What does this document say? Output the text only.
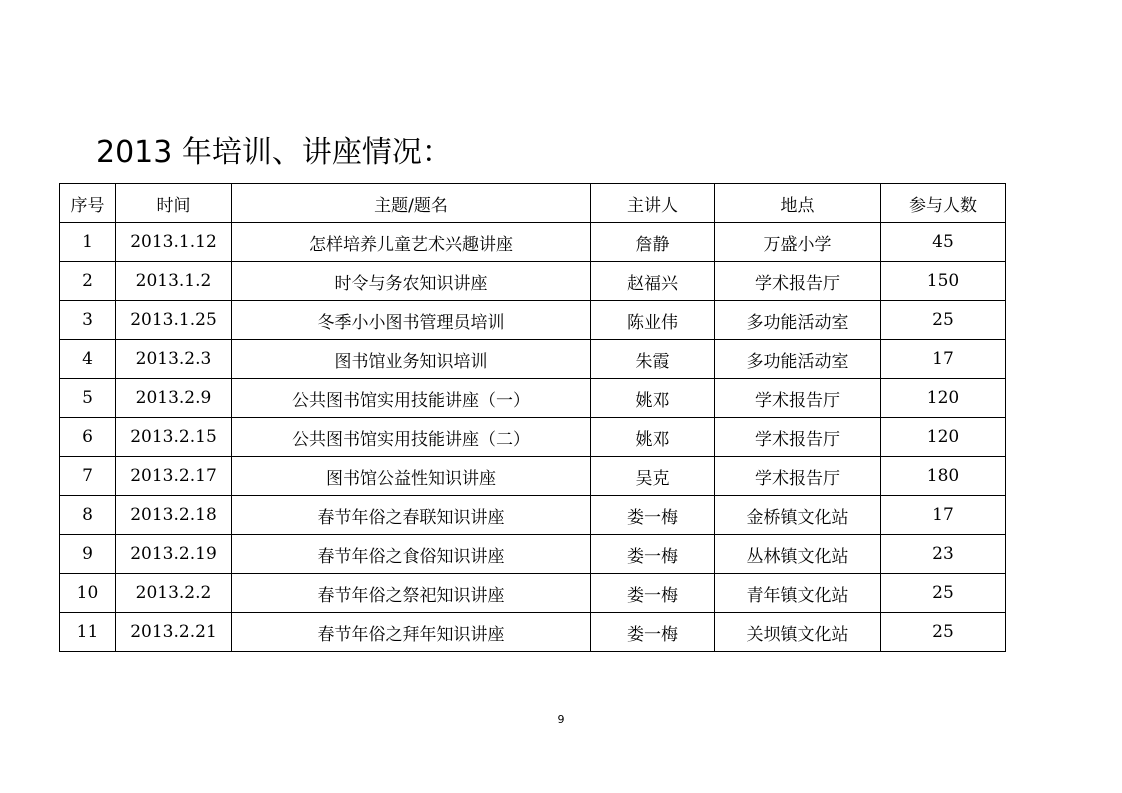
2013 年培训、讲座情况：
序号	时间	主题/题名	主讲人	地点	参与人数
1	2013.1.12	怎样培养儿童艺术兴趣讲座	詹静	万盛小学	45
2	2013.1.2	时令与务农知识讲座	赵福兴	学术报告厅	150
3	2013.1.25	冬季小小图书管理员培训	陈业伟	多功能活动室	25
4	2013.2.3	图书馆业务知识培训	朱霞	多功能活动室	17
5	2013.2.9	公共图书馆实用技能讲座（一）	姚邓	学术报告厅	120
6	2013.2.15	公共图书馆实用技能讲座（二）	姚邓	学术报告厅	120
7	2013.2.17	图书馆公益性知识讲座	吴克	学术报告厅	180
8	2013.2.18	春节年俗之春联知识讲座	娄一梅	金桥镇文化站	17
9	2013.2.19	春节年俗之食俗知识讲座	娄一梅	丛林镇文化站	23
10	2013.2.2	春节年俗之祭祀知识讲座	娄一梅	青年镇文化站	25
11	2013.2.21	春节年俗之拜年知识讲座	娄一梅	关坝镇文化站	25
9
